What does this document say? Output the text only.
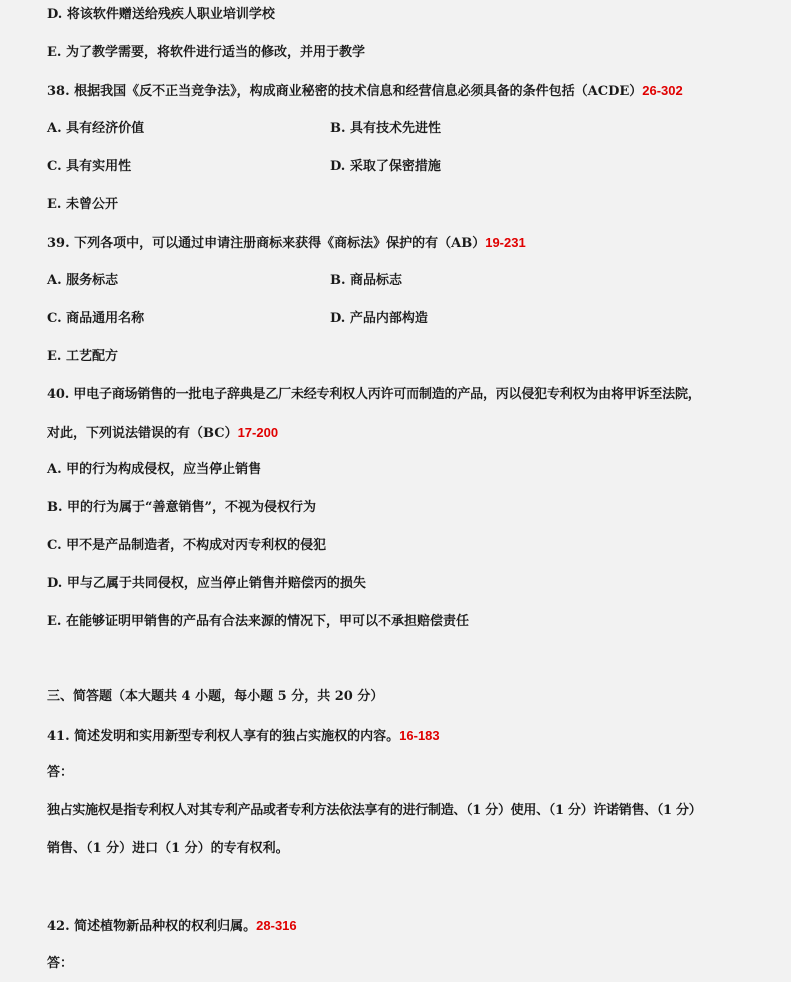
D. 将该软件赠送给残疾人职业培训学校
E. 为了教学需要，将软件进行适当的修改，并用于教学
38. 根据我国《反不正当竞争法》，构成商业秘密的技术信息和经营信息必须具备的条件包括（ACDE）26-302
A. 具有经济价值	B. 具有技术先进性
C. 具有实用性	D. 采取了保密措施
E. 未曾公开
39. 下列各项中，可以通过申请注册商标来获得《商标法》保护的有（AB）19-231
A. 服务标志	B. 商品标志
C. 商品通用名称	D. 产品内部构造
E. 工艺配方
40. 甲电子商场销售的一批电子辞典是乙厂未经专利权人丙许可而制造的产品，丙以侵犯专利权为由将甲诉至法院，
对此，下列说法错误的有（BC）17-200
A. 甲的行为构成侵权，应当停止销售
B. 甲的行为属于“善意销售”，不视为侵权行为
C. 甲不是产品制造者，不构成对丙专利权的侵犯
D. 甲与乙属于共同侵权，应当停止销售并赔偿丙的损失
E. 在能够证明甲销售的产品有合法来源的情况下，甲可以不承担赔偿责任
三、简答题（本大题共 4 小题，每小题 5 分，共 20 分）
41. 简述发明和实用新型专利权人享有的独占实施权的内容。16-183
答：
独占实施权是指专利权人对其专利产品或者专利方法依法享有的进行制造、（1 分）使用、（1 分）许诺销售、（1 分）
销售、（1 分）进口（1 分）的专有权利。
42. 简述植物新品种权的权利归属。28-316
答：
